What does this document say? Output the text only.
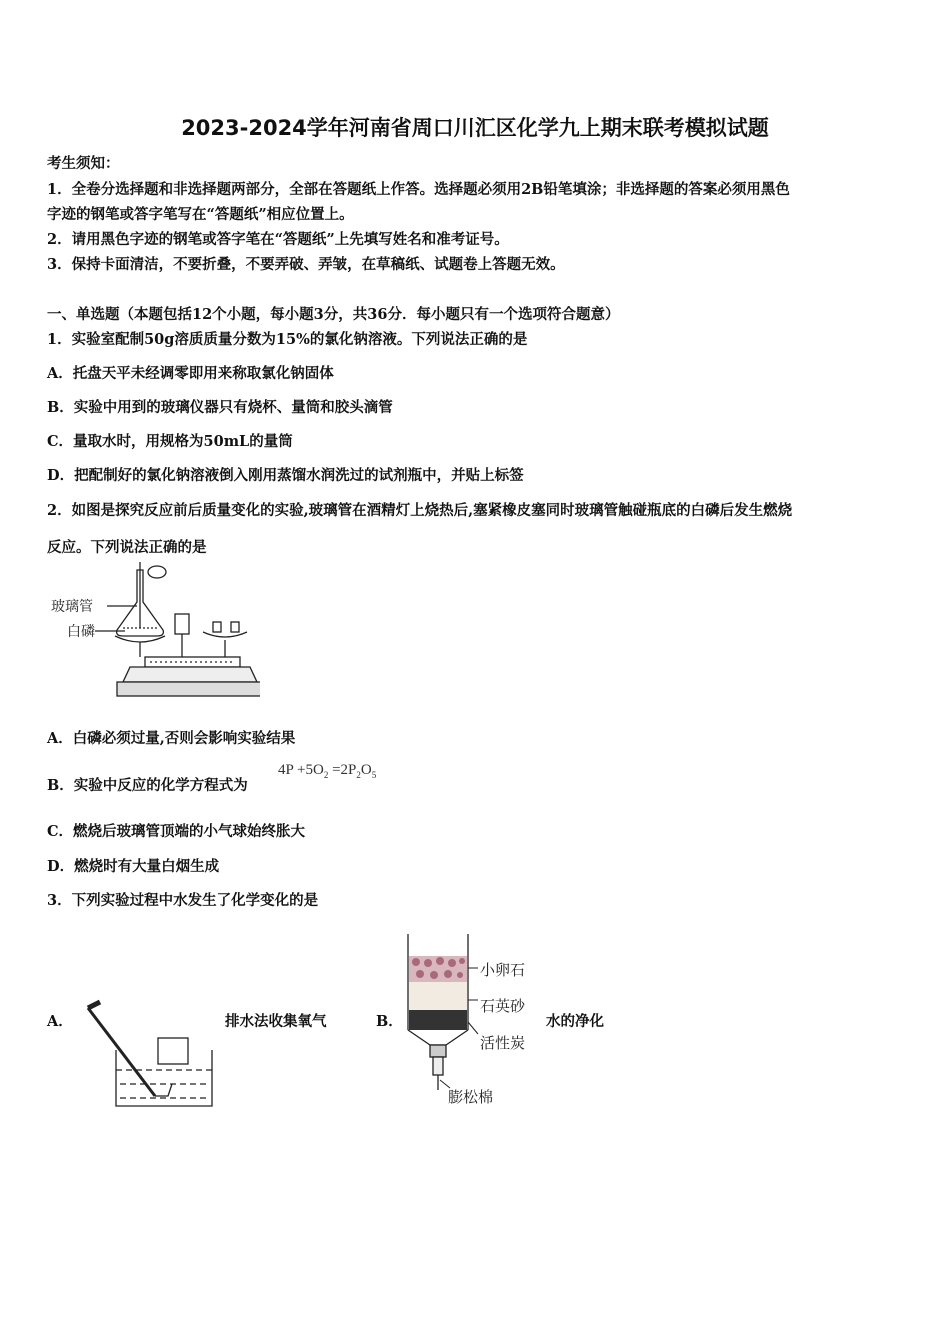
2023-2024学年河南省周口川汇区化学九上期末联考模拟试题
考生须知：
1．全卷分选择题和非选择题两部分，全部在答题纸上作答。选择题必须用2B铅笔填涂；非选择题的答案必须用黑色
字迹的钢笔或答字笔写在“答题纸”相应位置上。
2．请用黑色字迹的钢笔或答字笔在“答题纸”上先填写姓名和准考证号。
3．保持卡面清洁，不要折叠，不要弄破、弄皱，在草稿纸、试题卷上答题无效。
一、单选题（本题包括12个小题，每小题3分，共36分．每小题只有一个选项符合题意）
1．实验室配制50g溶质质量分数为15%的氯化钠溶液。下列说法正确的是
A．托盘天平未经调零即用来称取氯化钠固体
B．实验中用到的玻璃仪器只有烧杯、量筒和胶头滴管
C．量取水时，用规格为50mL的量筒
D．把配制好的氯化钠溶液倒入刚用蒸馏水润洗过的试剂瓶中，并贴上标签
2．如图是探究反应前后质量变化的实验,玻璃管在酒精灯上烧热后,塞紧橡皮塞同时玻璃管触碰瓶底的白磷后发生燃烧
反应。下列说法正确的是
玻璃管
白磷
A．白磷必须过量,否则会影响实验结果
B．实验中反应的化学方程式为
$4P +5O_2 =2P_2O_5$
C．燃烧后玻璃管顶端的小气球始终胀大
D．燃烧时有大量白烟生成
3．下列实验过程中水发生了化学变化的是
A．	排水法收集氧气	B．
小卵石
石英砂
活性炭
膨松棉
水的净化
